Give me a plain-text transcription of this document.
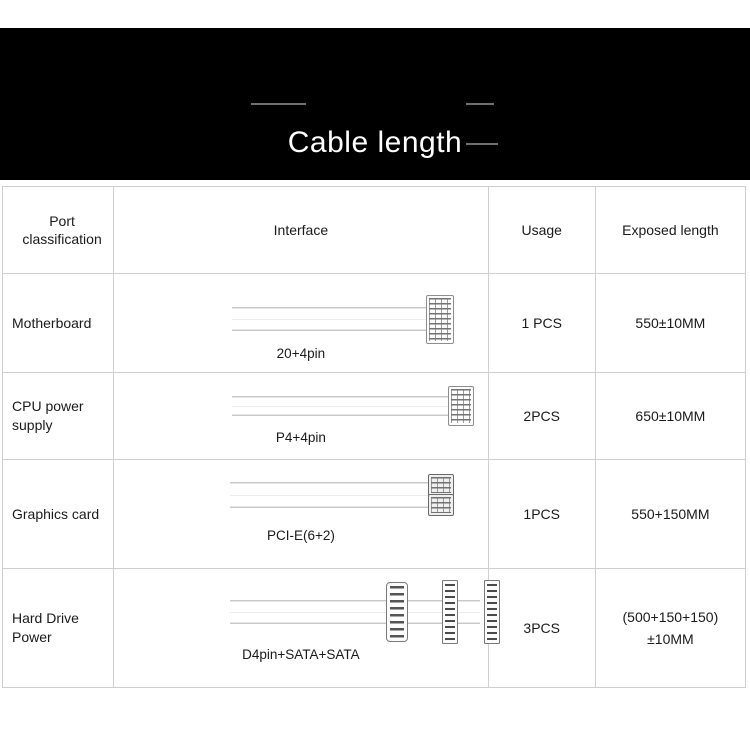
Cable length
Port classification	Interface	Usage	Exposed length
Motherboard	20+4pin	1 PCS	550±10MM
CPU power supply	P4+4pin	2PCS	650±10MM
Graphics card	PCI-E(6+2)	1PCS	550+150MM
Hard Drive Power	D4pin+SATA+SATA	3PCS	(500+150+150)
±10MM
